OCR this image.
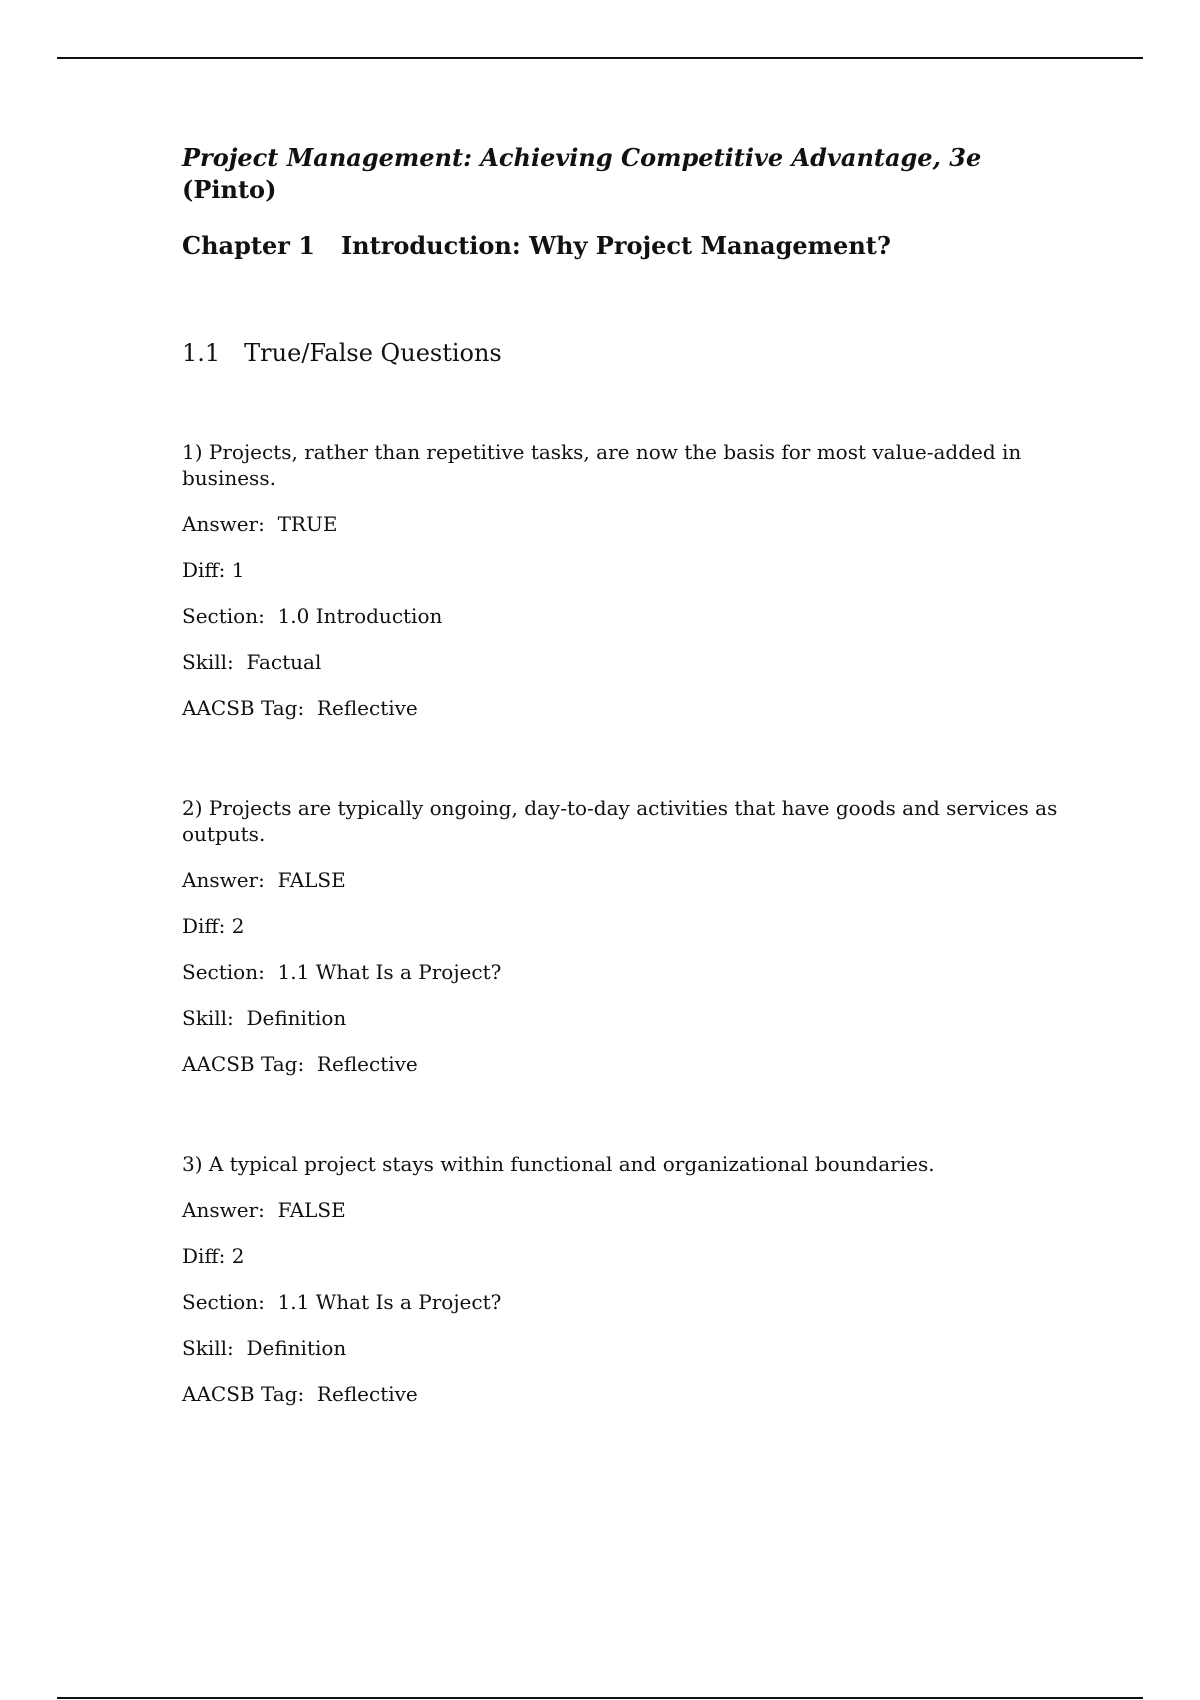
Project Management: Achieving Competitive Advantage, 3e
(Pinto)
Chapter 1 Introduction: Why Project Management?
1.1 True/False Questions

1) Projects, rather than repetitive tasks, are now the basis for most value-added in business.

Answer:  TRUE

Diff: 1

Section:  1.0 Introduction

Skill:  Factual

AACSB Tag:  Reflective

2) Projects are typically ongoing, day-to-day activities that have goods and services as outputs.

Answer:  FALSE

Diff: 2

Section:  1.1 What Is a Project?

Skill:  Definition

AACSB Tag:  Reflective

3) A typical project stays within functional and organizational boundaries.

Answer:  FALSE

Diff: 2

Section:  1.1 What Is a Project?

Skill:  Definition

AACSB Tag:  Reflective
